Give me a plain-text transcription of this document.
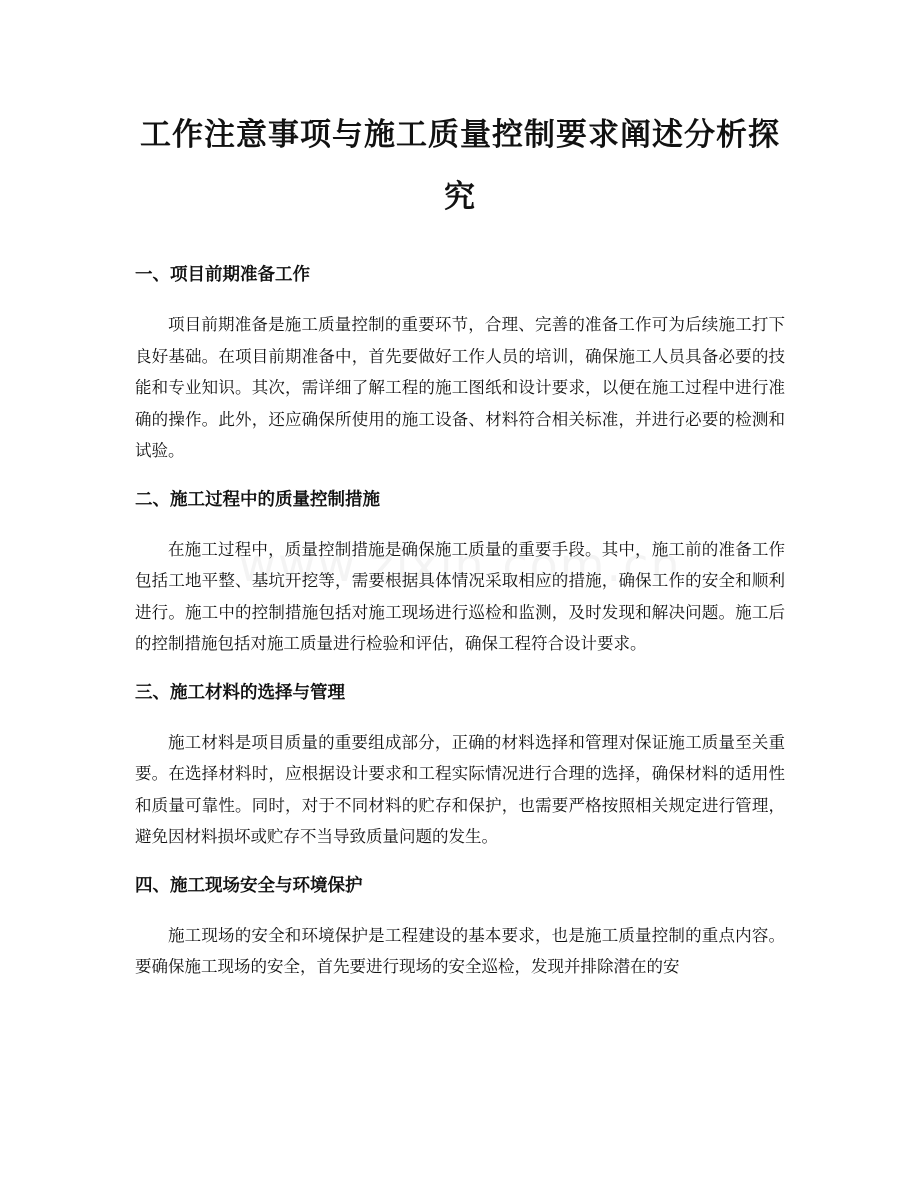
工作注意事项与施工质量控制要求阐述分析探究
一、项目前期准备工作

项目前期准备是施工质量控制的重要环节，合理、完善的准备工作可为后续施工打下良好基础。在项目前期准备中，首先要做好工作人员的培训，确保施工人员具备必要的技能和专业知识。其次，需详细了解工程的施工图纸和设计要求，以便在施工过程中进行准确的操作。此外，还应确保所使用的施工设备、材料符合相关标准，并进行必要的检测和试验。

二、施工过程中的质量控制措施

在施工过程中，质量控制措施是确保施工质量的重要手段。其中，施工前的准备工作包括工地平整、基坑开挖等，需要根据具体情况采取相应的措施，确保工作的安全和顺利进行。施工中的控制措施包括对施工现场进行巡检和监测，及时发现和解决问题。施工后的控制措施包括对施工质量进行检验和评估，确保工程符合设计要求。

三、施工材料的选择与管理

施工材料是项目质量的重要组成部分，正确的材料选择和管理对保证施工质量至关重要。在选择材料时，应根据设计要求和工程实际情况进行合理的选择，确保材料的适用性和质量可靠性。同时，对于不同材料的贮存和保护，也需要严格按照相关规定进行管理，避免因材料损坏或贮存不当导致质量问题的发生。

四、施工现场安全与环境保护

施工现场的安全和环境保护是工程建设的基本要求，也是施工质量控制的重点内容。要确保施工现场的安全，首先要进行现场的安全巡检，发现并排除潜在的安
